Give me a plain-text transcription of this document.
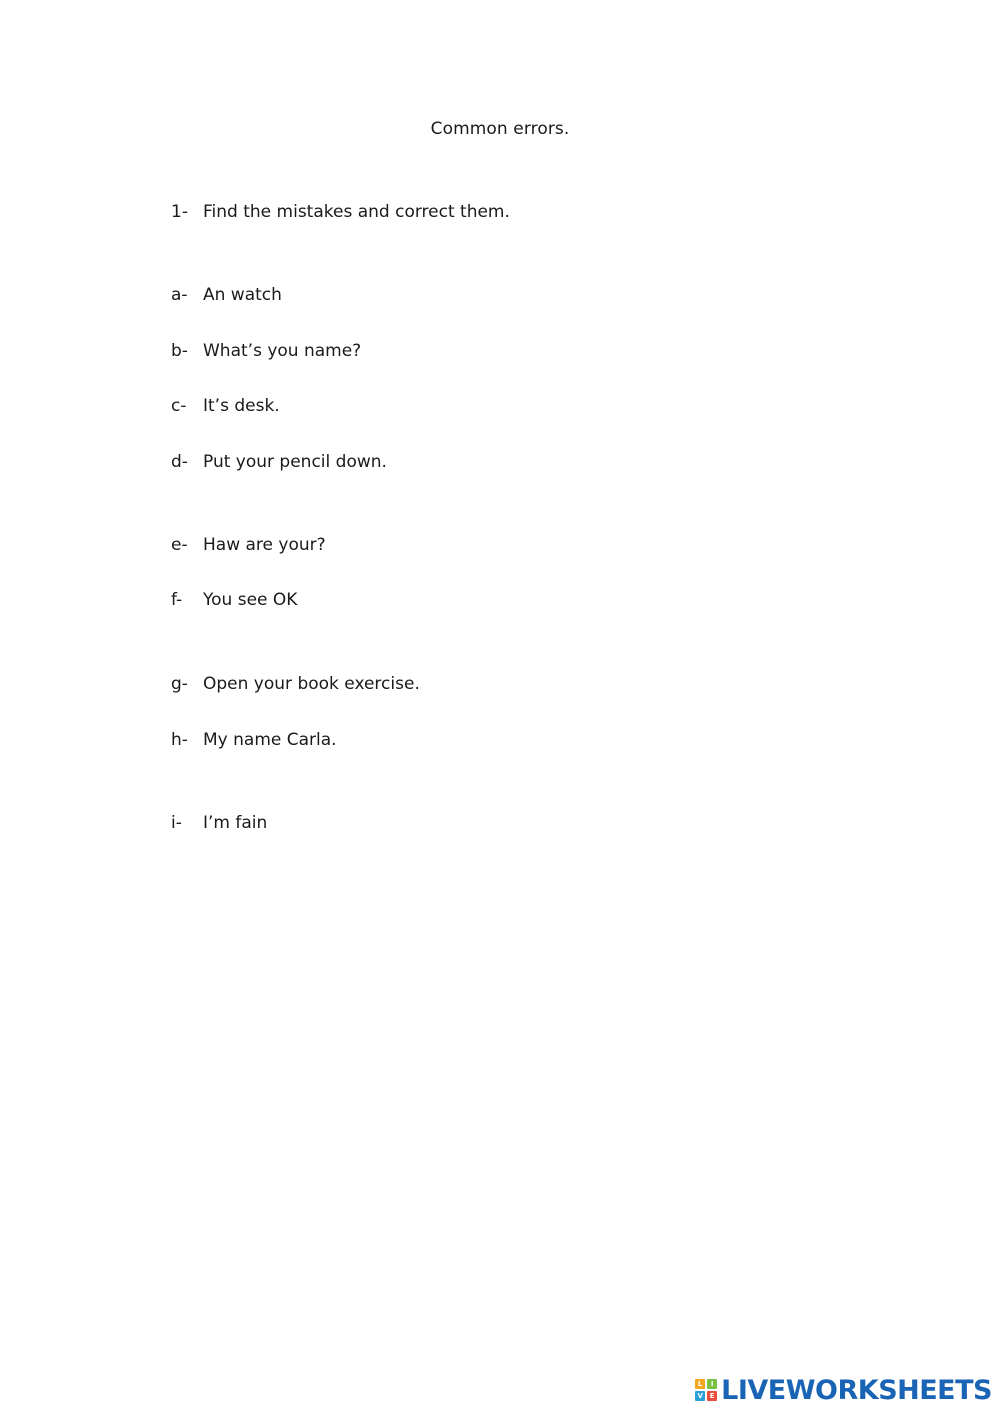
Common errors.
1- Find the mistakes and correct them.
a- An watch
b- What’s you name?
c- It’s desk.
d- Put your pencil down.
e- Haw are your?
f-	You see OK
g- Open your book exercise.
h- My name Carla.
i-	I’m fain
L	I
V E LIVEWORKSHEETS
